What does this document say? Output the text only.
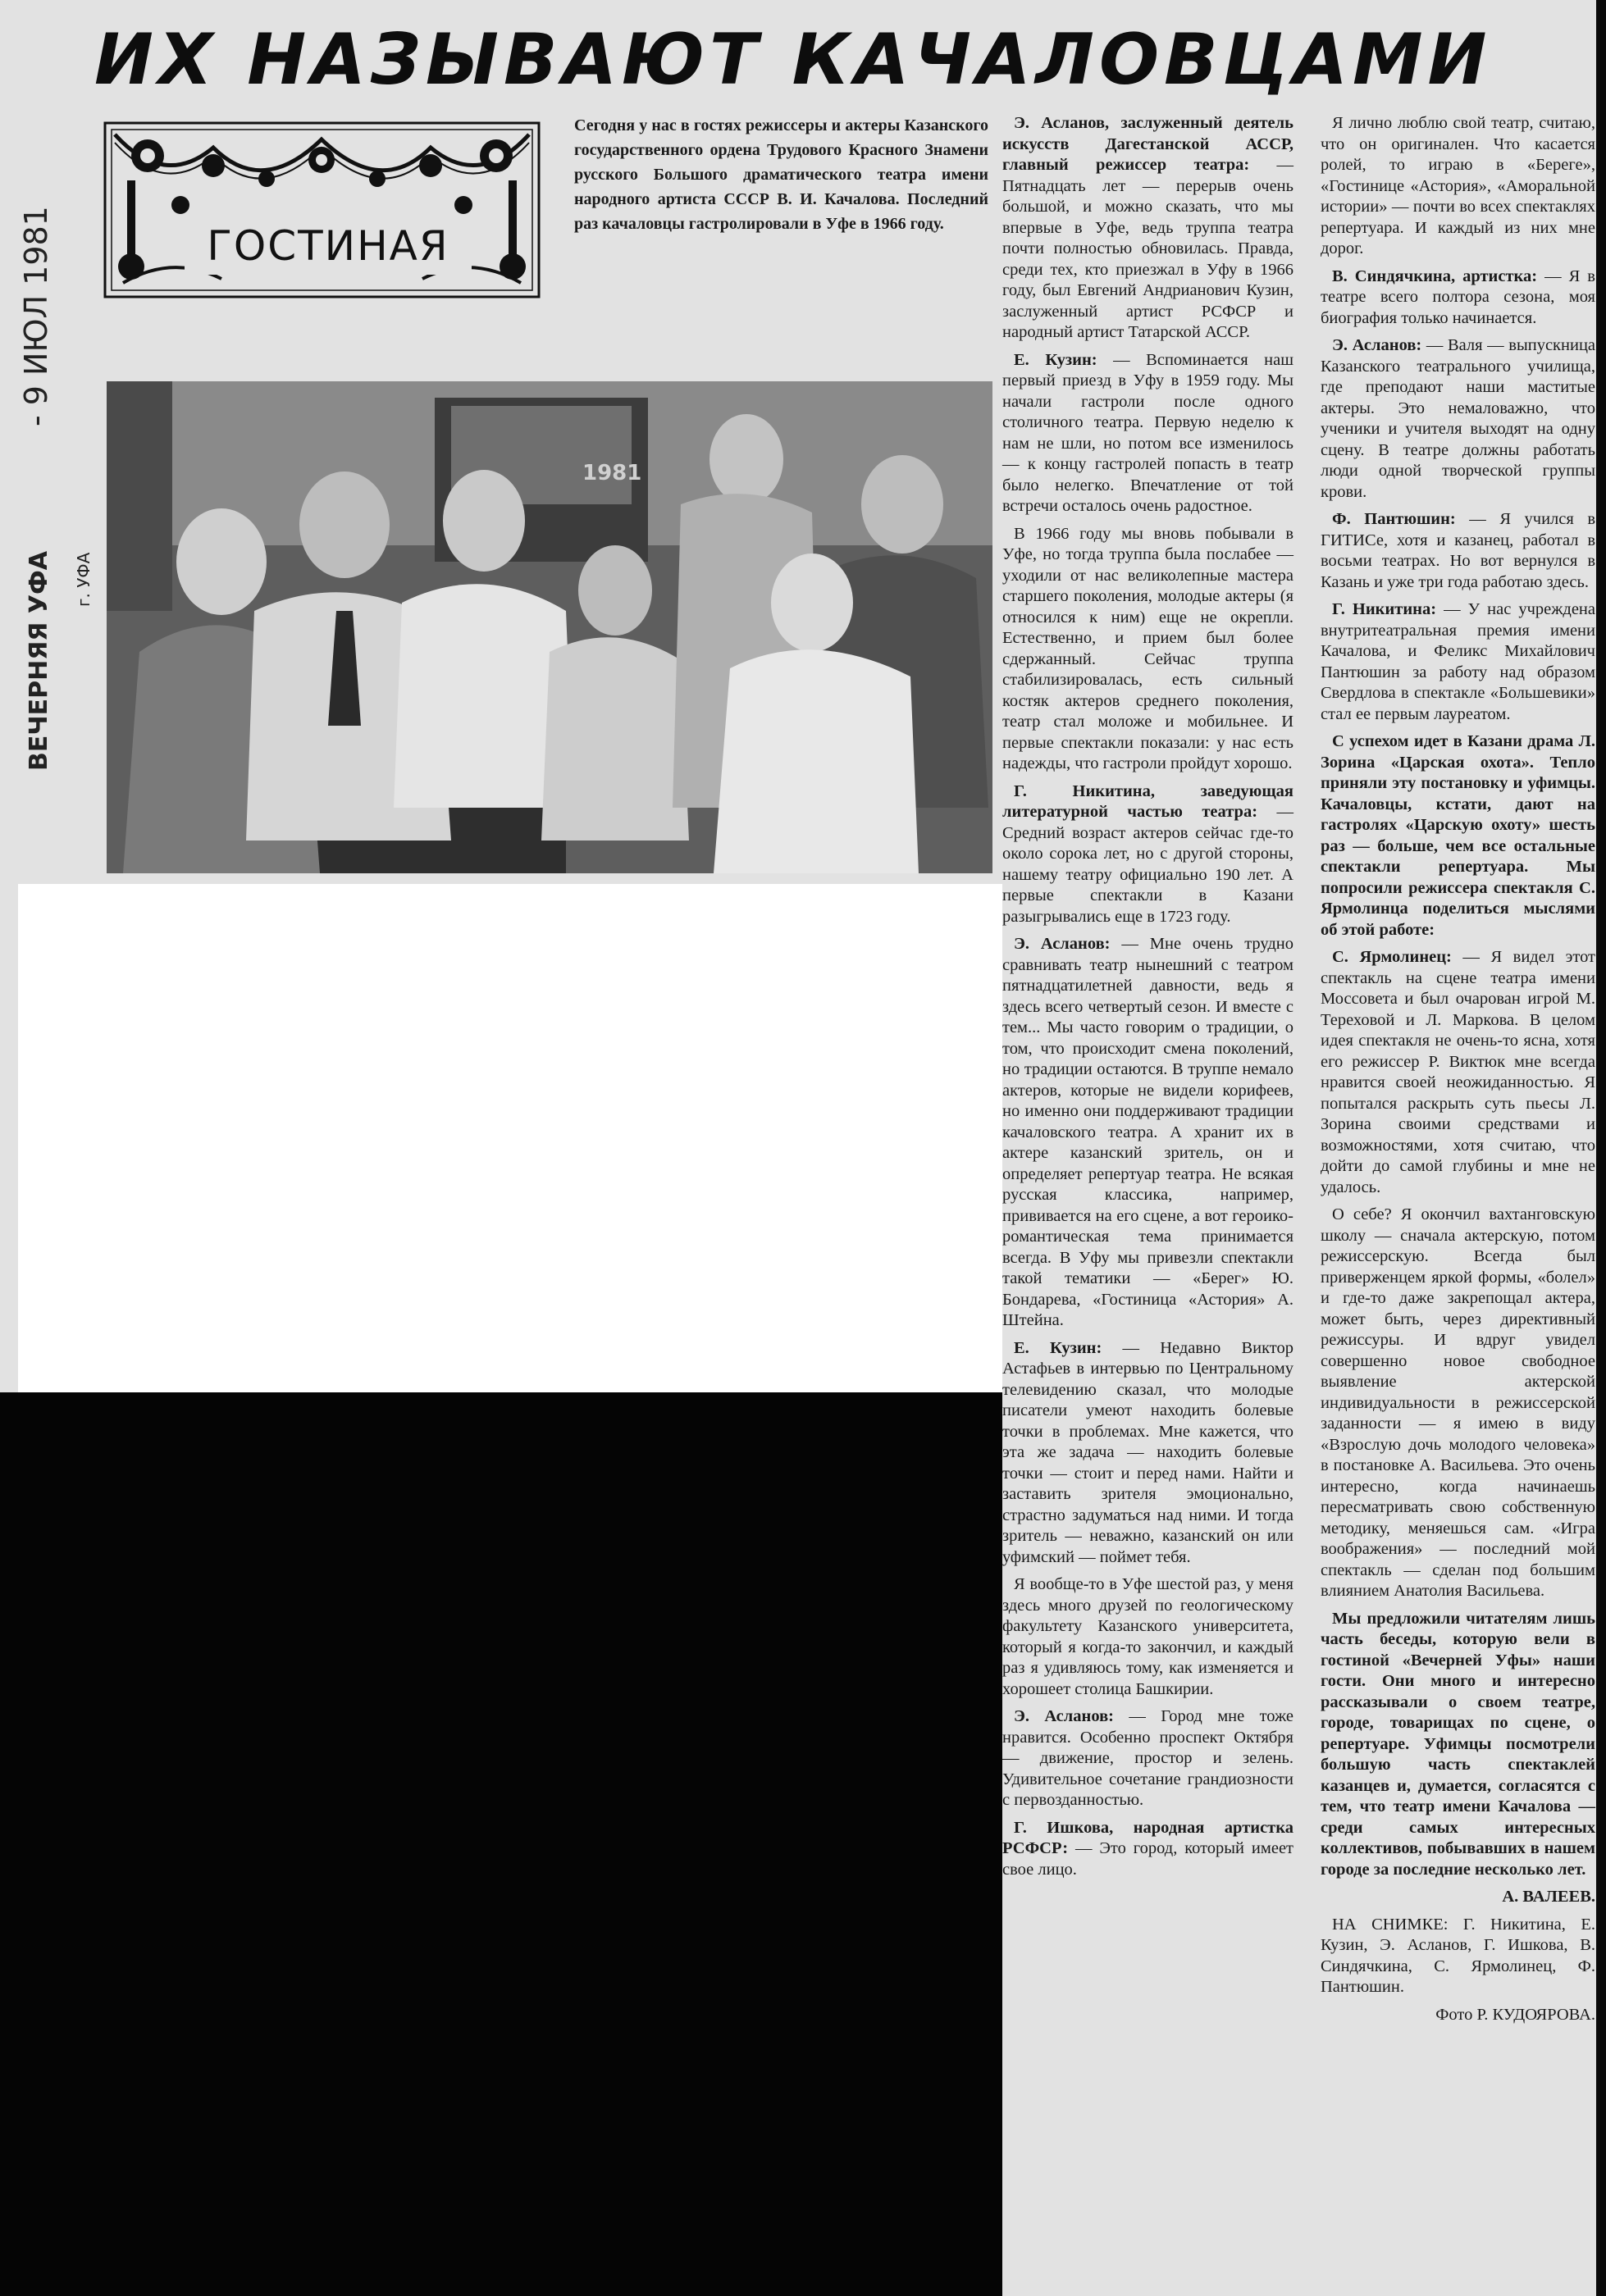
ИХ НАЗЫВАЮТ КАЧАЛОВЦАМИ
- 9 ИЮЛ 1981
ВЕЧЕРНЯЯ УФА	г. УФА
ГОСТИНАЯ
Сегодня у нас в гостях режиссеры и актеры Казанского государственного ордена Трудового Красного Знамени русского Большого драматического театра имени народного артиста СССР В. И. Качалова. Последний раз качаловцы гастролировали в Уфе в 1966 году.
1981

Э. Асланов, заслуженный деятель искусств Дагестанской АССР, главный режиссер театра: — Пятнадцать лет — перерыв очень большой, и можно сказать, что мы впервые в Уфе, ведь труппа театра почти полностью обновилась. Правда, среди тех, кто приезжал в Уфу в 1966 году, был Евгений Андрианович Кузин, заслуженный артист РСФСР и народный артист Татарской АССР.

Е. Кузин: — Вспоминается наш первый приезд в Уфу в 1959 году. Мы начали гастроли после одного столичного театра. Первую неделю к нам не шли, но потом все изменилось — к концу гастролей попасть в театр было нелегко. Впечатление от той встречи осталось очень радостное.

В 1966 году мы вновь побывали в Уфе, но тогда труппа была послабее — уходили от нас великолепные мастера старшего поколения, молодые актеры (я относился к ним) еще не окрепли. Естественно, и прием был более сдержанный. Сейчас труппа стабилизировалась, есть сильный костяк актеров среднего поколения, театр стал моложе и мобильнее. И первые спектакли показали: у нас есть надежды, что гастроли пройдут хорошо.

Г. Никитина, заведующая литературной частью театра: — Средний возраст актеров сейчас где-то около сорока лет, но с другой стороны, нашему театру официально 190 лет. А первые спектакли в Казани разыгрывались еще в 1723 году.

Э. Асланов: — Мне очень трудно сравнивать театр нынешний с театром пятнадцатилетней давности, ведь я здесь всего четвертый сезон. И вместе с тем... Мы часто говорим о традиции, о том, что происходит смена поколений, но традиции остаются. В труппе немало актеров, которые не видели корифеев, но именно они поддерживают традиции качаловского театра. А хранит их в актере казанский зритель, он и определяет репертуар театра. Не всякая русская классика, например, прививается на его сцене, а вот героико-романтическая тема принимается всегда. В Уфу мы привезли спектакли такой тематики — «Берег» Ю. Бондарева, «Гостиница «Астория» А. Штейна.

Е. Кузин: — Недавно Виктор Астафьев в интервью по Центральному телевидению сказал, что молодые писатели умеют находить болевые точки в проблемах. Мне кажется, что эта же задача — находить болевые точки — стоит и перед нами. Найти и заставить зрителя эмоционально, страстно задуматься над ними. И тогда зритель — неважно, казанский он или уфимский — поймет тебя.

Я вообще-то в Уфе шестой раз, у меня здесь много друзей по геологическому факультету Казанского университета, который я когда-то закончил, и каждый раз я удивляюсь тому, как изменяется и хорошеет столица Башкирии.

Э. Асланов: — Город мне тоже нравится. Особенно проспект Октября — движение, простор и зелень. Удивительное сочетание грандиозности с первозданностью.

Г. Ишкова, народная артистка РСФСР: — Это город, который имеет свое лицо.

Я лично люблю свой театр, считаю, что он оригинален. Что касается ролей, то играю в «Береге», «Гостинице «Астория», «Аморальной истории» — почти во всех спектаклях репертуара. И каждый из них мне дорог.

В. Синдячкина, артистка: — Я в театре всего полтора сезона, моя биография только начинается.

Э. Асланов: — Валя — выпускница Казанского театрального училища, где преподают наши маститые актеры. Это немаловажно, что ученики и учителя выходят на одну сцену. В театре должны работать люди одной творческой группы крови.

Ф. Пантюшин: — Я учился в ГИТИСе, хотя и казанец, работал в восьми театрах. Но вот вернулся в Казань и уже три года работаю здесь.

Г. Никитина: — У нас учреждена внутритеатральная премия имени Качалова, и Феликс Михайлович Пантюшин за работу над образом Свердлова в спектакле «Большевики» стал ее первым лауреатом.

С успехом идет в Казани драма Л. Зорина «Царская охота». Тепло приняли эту постановку и уфимцы. Качаловцы, кстати, дают на гастролях «Царскую охоту» шесть раз — больше, чем все остальные спектакли репертуара. Мы попросили режиссера спектакля С. Ярмолинца поделиться мыслями об этой работе:

С. Ярмолинец: — Я видел этот спектакль на сцене театра имени Моссовета и был очарован игрой М. Тереховой и Л. Маркова. В целом идея спектакля не очень-то ясна, хотя его режиссер Р. Виктюк мне всегда нравится своей неожиданностью. Я попытался раскрыть суть пьесы Л. Зорина своими средствами и возможностями, хотя считаю, что дойти до самой глубины и мне не удалось.

О себе? Я окончил вахтанговскую школу — сначала актерскую, потом режиссерскую. Всегда был приверженцем яркой формы, «болел» и где-то даже закрепощал актера, может быть, через директивный режиссуры. И вдруг увидел совершенно новое свободное выявление актерской индивидуальности в режиссерской заданности — я имею в виду «Взрослую дочь молодого человека» в постановке А. Васильева. Это очень интересно, когда начинаешь пересматривать свою собственную методику, меняешься сам. «Игра воображения» — последний мой спектакль — сделан под большим влиянием Анатолия Васильева.

Мы предложили читателям лишь часть беседы, которую вели в гостиной «Вечерней Уфы» наши гости. Они много и интересно рассказывали о своем театре, городе, товарищах по сцене, о репертуаре. Уфимцы посмотрели большую часть спектаклей казанцев и, думается, согласятся с тем, что театр имени Качалова — среди самых интересных коллективов, побывавших в нашем городе за последние несколько лет.

А. ВАЛЕЕВ.

НА СНИМКЕ: Г. Никитина, Е. Кузин, Э. Асланов, Г. Ишкова, В. Синдячкина, С. Ярмолинец, Ф. Пантюшин.

Фото Р. КУДОЯРОВА.
